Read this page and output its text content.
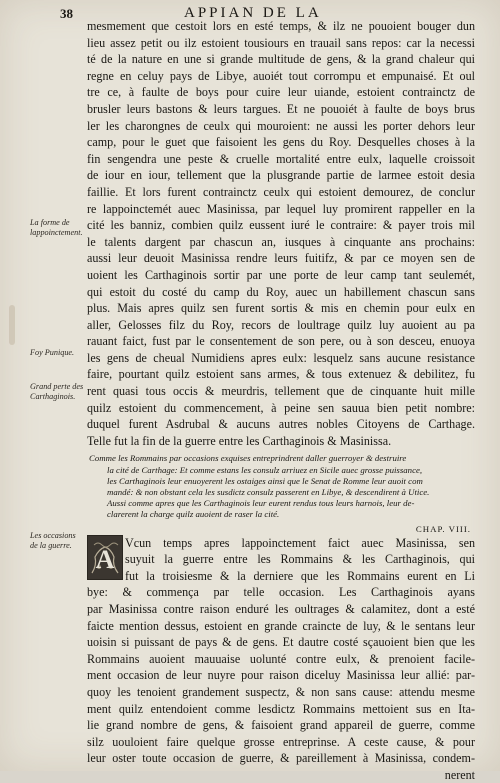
38	APPIAN DE LA
La forme de lappoinctement.
Foy Punique.
Grand perte des Carthaginois.
Les occasions de la guerre.
mesmement que cestoit lors en esté temps, & ilz ne pouoient bouger dun
lieu assez petit ou ilz estoient tousiours en trauail sans repos: car la necessi
té de la nature en une si grande multitude de gens, & la grand chaleur qui
regne en celuy pays de Libye, auoiét tout corrompu et empunaisé. Et oul
tre ce, à faulte de boys pour cuire leur uiande, estoient contrainctz de
brusler leurs bastons & leurs targues. Et ne pouoiét à faulte de boys brus
ler les charongnes de ceulx qui mouroient: ne aussi les porter dehors leur
camp, pour le guet que faisoient les gens du Roy. Desquelles choses à la
fin sengendra une peste & cruelle mortalité entre eulx, laquelle croissoit
de iour en iour, tellement que la plusgrande partie de larmee estoit desia
faillie. Et lors furent contrainctz ceulx qui estoient demourez, de conclur
re lappoinctemét auec Masinissa, par lequel luy promirent rappeller en la
cité les banniz, combien quilz eussent iuré le contraire: & payer trois mil
le talents dargent par chascun an, iusques à cinquante ans prochains:
aussi leur deuoit Masinissa rendre leurs fuitifz, & par ce moyen sen de
uoient les Carthaginois sortir par une porte de leur camp tant seulemét,
qui estoit du costé du camp du Roy, auec un habillement chascun sans
plus. Mais apres quilz sen furent sortis & mis en chemin pour eulx en
aller, Gelosses filz du Roy, recors de loultrage quilz luy auoient au pa
rauant faict, fust par le consentement de son pere, ou à son desceu, enuoya
les gens de cheual Numidiens apres eulx: lesquelz sans aucune resistance
faire, pourtant quilz estoient sans armes, & tous extenuez & debilitez, fu
rent quasi tous occis & meurdris, tellement que de cinquante huit mille
quilz estoient du commencement, à peine sen sauua bien petit nombre:
duquel furent Asdrubal & aucuns autres nobles Citoyens de Carthage.
Telle fut la fin de la guerre entre les Carthaginois & Masinissa.
Comme les Rommains par occasions exquises entreprindrent daller guerroyer & destruire
la cité de Carthage: Et comme estans les consulz arriuez en Sicile auec grosse puissance,
les Carthaginois leur enuoyerent les ostaiges ainsi que le Senat de Romme leur auoit com
mandé: & non obstant cela les susdictz consulz passerent en Libye, & descendirent à Utice.
Aussi comme apres que les Carthaginois leur eurent rendus tous leurs harnois, leur de-
clarerent la charge quilz auoient de raser la cité.
CHAP. VIII.
A
Vcun temps apres lappoinctement faict auec Masinissa, sen
suyuit la guerre entre les Rommains & les Carthaginois, qui
fut la troisiesme & la derniere que les Rommains eurent en Li
bye: & commença par telle occasion. Les Carthaginois ayans
par Masinissa contre raison enduré les oultrages & calamitez, dont a esté
faicte mention dessus, estoient en grande craincte de luy, & le sentans leur
uoisin si puissant de pays & de gens. Et dautre costé sçauoient bien que les
Rommains auoient mauuaise uolunté contre eulx, & prenoient facile-
ment occasion de leur nuyre pour raison diceluy Masinissa leur allié: par-
quoy les tenoient grandement suspectz, & non sans cause: attendu mesme
ment quilz entendoient comme lesdictz Rommains mettoient sus en Ita-
lie grand nombre de gens, & faisoient grand appareil de guerre, comme
silz uouloient faire quelque grosse entreprinse. A ceste cause, & pour
leur oster toute occasion de guerre, & pareillement à Masinissa, condem-
nerent
